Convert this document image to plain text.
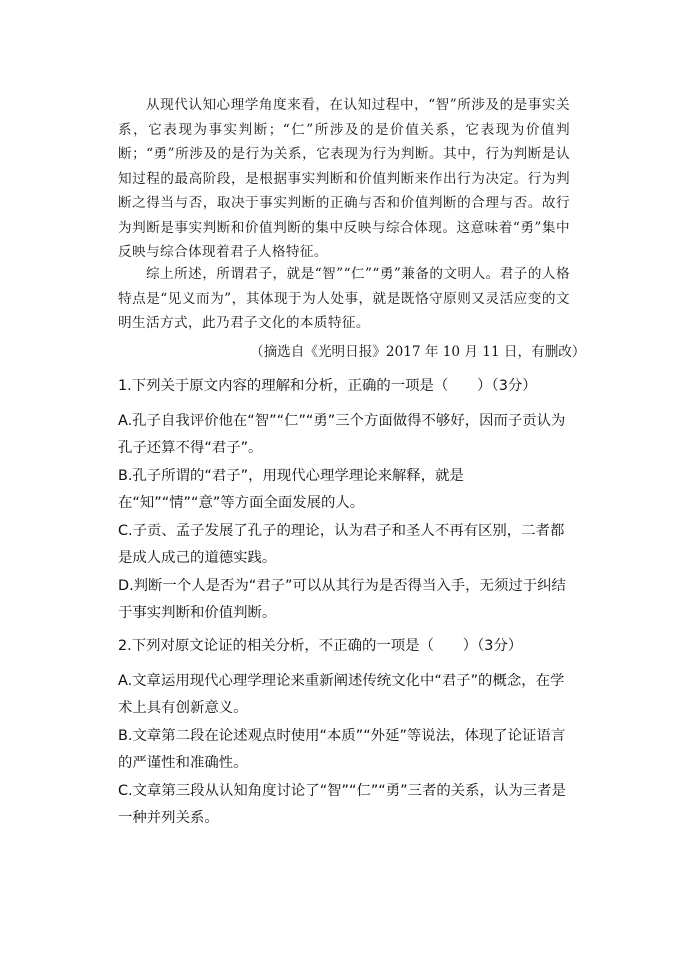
从现代认知心理学角度来看，在认知过程中，“智”所涉及的是事实关系，它表现为事实判断；“仁”所涉及的是价值关系，它表现为价值判断；“勇”所涉及的是行为关系，它表现为行为判断。其中，行为判断是认知过程的最高阶段，是根据事实判断和价值判断来作出行为决定。行为判断之得当与否，取决于事实判断的正确与否和价值判断的合理与否。故行为判断是事实判断和价值判断的集中反映与综合体现。这意味着“勇”集中反映与综合体现着君子人格特征。

综上所述，所谓君子，就是“智”“仁”“勇”兼备的文明人。君子的人格特点是“见义而为”，其体现于为人处事，就是既恪守原则又灵活应变的文明生活方式，此乃君子文化的本质特征。

（摘选自《光明日报》2017 年 10 月 11 日，有删改）

1.下列关于原文内容的理解和分析，正确的一项是（　　）（3分）

A.孔子自我评价他在“智”“仁”“勇”三个方面做得不够好，因而子贡认为孔子还算不得“君子”。

B.孔子所谓的“君子”，用现代心理学理论来解释，就是在“知”“情”“意”等方面全面发展的人。

C.子贡、孟子发展了孔子的理论，认为君子和圣人不再有区别，二者都是成人成己的道德实践。

D.判断一个人是否为“君子”可以从其行为是否得当入手，无须过于纠结于事实判断和价值判断。

2.下列对原文论证的相关分析，不正确的一项是（　　）（3分）

A.文章运用现代心理学理论来重新阐述传统文化中“君子”的概念，在学术上具有创新意义。

B.文章第二段在论述观点时使用“本质”“外延”等说法，体现了论证语言的严谨性和准确性。

C.文章第三段从认知角度讨论了“智”“仁”“勇”三者的关系，认为三者是一种并列关系。
